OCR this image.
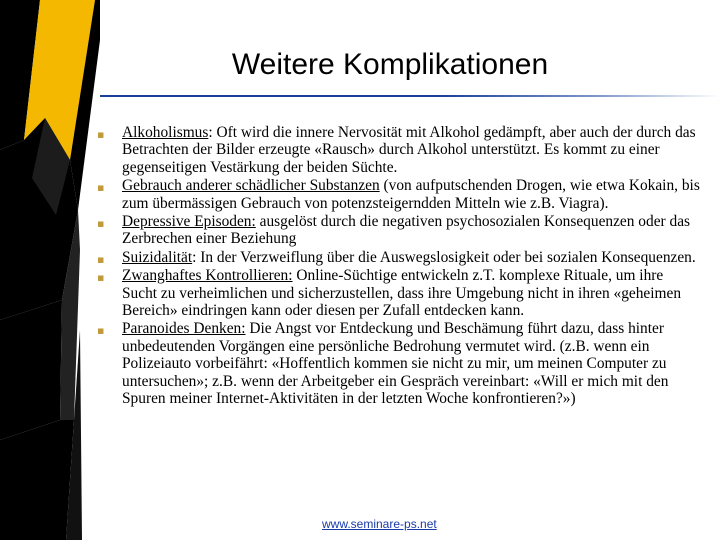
Weitere Komplikationen
▪ Alkoholismus: Oft wird die innere Nervosität mit Alkohol gedämpft, aber auch der durch das Betrachten der Bilder erzeugte «Rausch» durch Alkohol unterstützt. Es kommt zu einer gegenseitigen Vestärkung der beiden Süchte.
▪ Gebrauch anderer schädlicher Substanzen (von aufputschenden Drogen, wie etwa Kokain, bis zum übermässigen Gebrauch von potenzsteigerndden Mitteln wie z.B. Viagra).
▪ Depressive Episoden: ausgelöst durch die negativen psychosozialen Konsequenzen oder das Zerbrechen einer Beziehung
▪ Suizidalität: In der Verzweiflung über die Auswegslosigkeit oder bei sozialen Konsequenzen.
▪ Zwanghaftes Kontrollieren: Online-Süchtige entwickeln z.T. komplexe Rituale, um ihre Sucht zu verheimlichen und sicherzustellen, dass ihre Umgebung nicht in ihren «geheimen Bereich» eindringen kann oder diesen per Zufall entdecken kann.
▪ Paranoides Denken: Die Angst vor Entdeckung und Beschämung führt dazu, dass hinter unbedeutenden Vorgängen eine persönliche Bedrohung vermutet wird. (z.B. wenn ein Polizeiauto vorbeifährt: «Hoffentlich kommen sie nicht zu mir, um meinen Computer zu untersuchen»; z.B. wenn der Arbeitgeber ein Gespräch vereinbart: «Will er mich mit den Spuren meiner Internet-Aktivitäten in der letzten Woche konfrontieren?»)
www.seminare-ps.net
